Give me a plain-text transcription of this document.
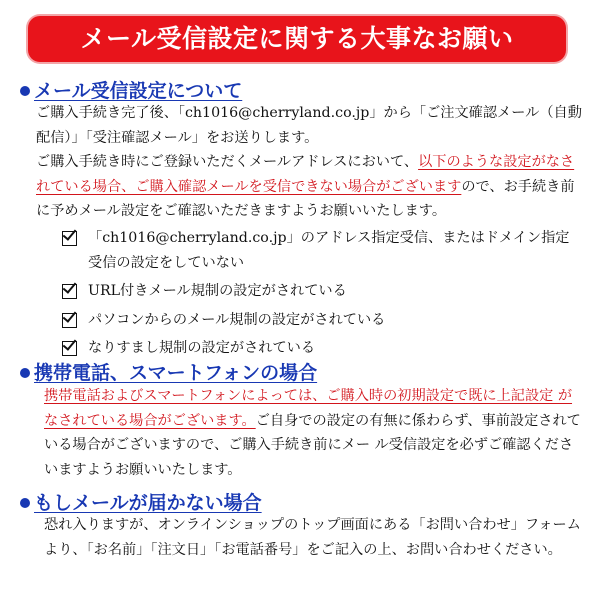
メール受信設定に関する大事なお願い
メール受信設定について
ご購入手続き完了後、「ch1016@cherryland.co.jp」から「ご注文確認メール（自動配信）」「受注確認メール」をお送りします。
ご購入手続き時にご登録いただくメールアドレスにおいて、以下のような設定がなされている場合、ご購入確認メールを受信できない場合がございますので、お手続き前に予めメール設定をご確認いただきますようお願いいたします。
「ch1016@cherryland.co.jp」のアドレス指定受信、またはドメイン指定受信の設定をしていない
URL付きメール規制の設定がされている
パソコンからのメール規制の設定がされている
なりすまし規制の設定がされている
携帯電話、スマートフォンの場合
携帯電話およびスマートフォンによっては、ご購入時の初期設定で既に上記設定 がなされている場合がございます。ご自身での設定の有無に係わらず、事前設定されている場合がございますので、ご購入手続き前にメー ル受信設定を必ずご確認くださいますようお願いいたします。
もしメールが届かない場合
恐れ入りますが、オンラインショップのトップ画面にある「お問い合わせ」フォームより、「お名前」「注文日」「お電話番号」をご記入の上、お問い合わせください。
